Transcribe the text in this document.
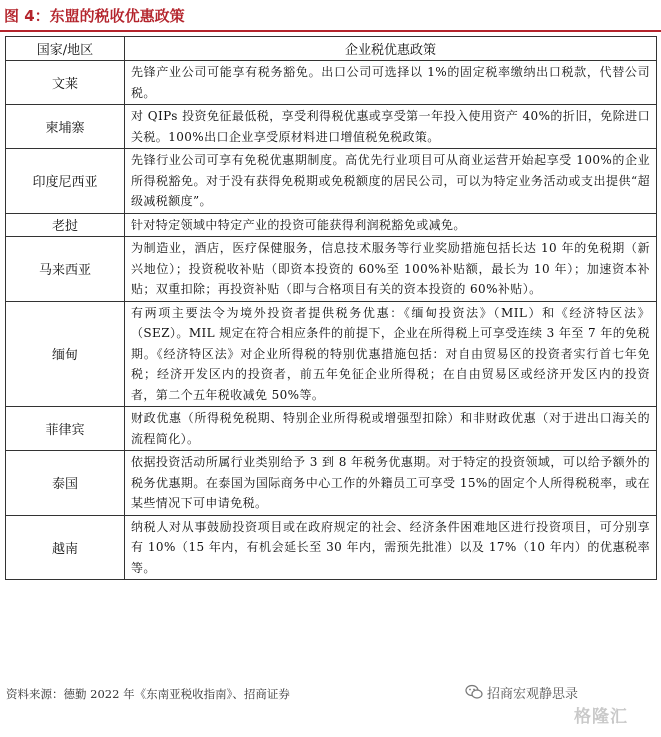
图 4：东盟的税收优惠政策
国家/地区	企业税优惠政策
文莱	先锋产业公司可能享有税务豁免。出口公司可选择以 1%的固定税率缴纳出口税款，代替公司税。
柬埔寨	对 QIPs 投资免征最低税，享受利得税优惠或享受第一年投入使用资产 40%的折旧，免除进口关税。100%出口企业享受原材料进口增值税免税政策。
印度尼西亚	先锋行业公司可享有免税优惠期制度。高优先行业项目可从商业运营开始起享受 100%的企业所得税豁免。对于没有获得免税期或免税额度的居民公司，可以为特定业务活动或支出提供“超级减税额度”。
老挝	针对特定领域中特定产业的投资可能获得利润税豁免或减免。
马来西亚	为制造业，酒店，医疗保健服务，信息技术服务等行业奖励措施包括长达 10 年的免税期（新兴地位）；投资税收补贴（即资本投资的 60%至 100%补贴额，最长为 10 年）；加速资本补贴；双重扣除；再投资补贴（即与合格项目有关的资本投资的 60%补贴）。
缅甸	有两项主要法令为境外投资者提供税务优惠：《缅甸投资法》（MIL）和《经济特区法》（SEZ）。MIL 规定在符合相应条件的前提下，企业在所得税上可享受连续 3 年至 7 年的免税期。《经济特区法》对企业所得税的特别优惠措施包括：对自由贸易区的投资者实行首七年免税；经济开发区内的投资者，前五年免征企业所得税；在自由贸易区或经济开发区内的投资者，第二个五年税收减免 50%等。
菲律宾	财政优惠（所得税免税期、特别企业所得税或增强型扣除）和非财政优惠（对于进出口海关的流程简化）。
泰国	依据投资活动所属行业类别给予 3 到 8 年税务优惠期。对于特定的投资领域，可以给予额外的税务优惠期。在泰国为国际商务中心工作的外籍员工可享受 15%的固定个人所得税税率，或在某些情况下可申请免税。
越南	纳税人对从事鼓励投资项目或在政府规定的社会、经济条件困难地区进行投资项目，可分别享有 10%（15 年内，有机会延长至 30 年内，需预先批准）以及 17%（10 年内）的优惠税率等。
资料来源：德勤 2022 年《东南亚税收指南》、招商证券	招商宏观静思录
格隆汇
